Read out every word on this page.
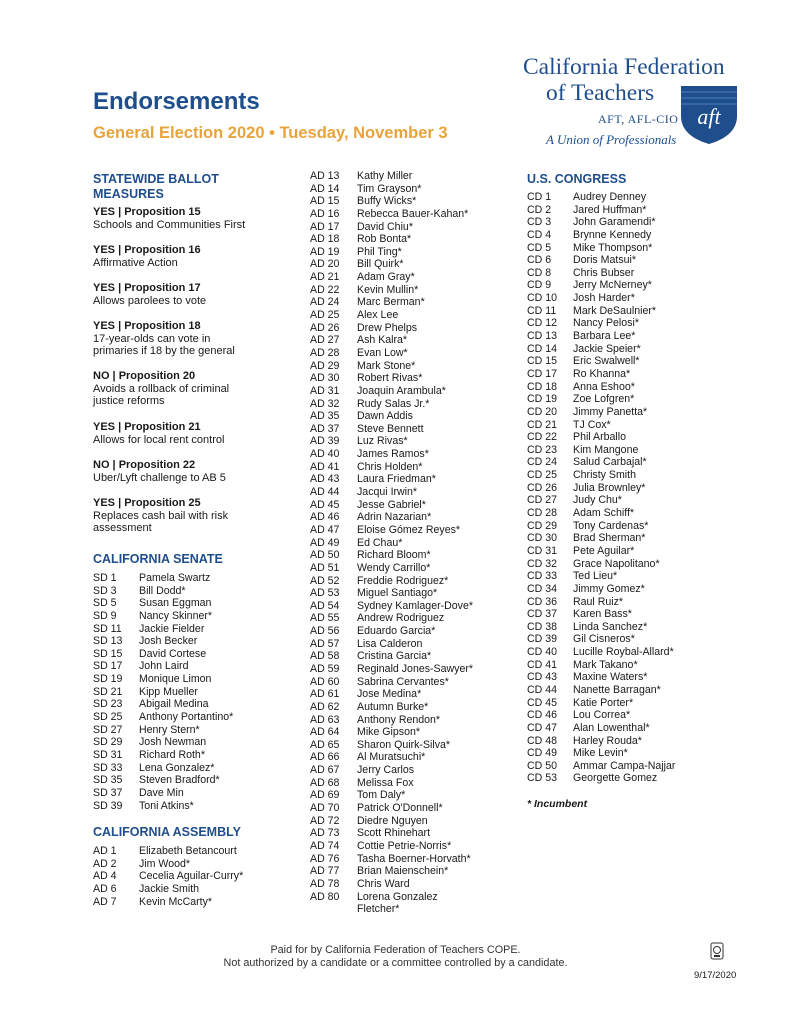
Endorsements
General Election 2020 • Tuesday, November 3
California Federation
of Teachers
AFT, AFL-CIO
A Union of Professionals
aft
STATEWIDE BALLOT
MEASURES
YES | Proposition 15
Schools and Communities First
YES | Proposition 16
Affirmative Action
YES | Proposition 17
Allows parolees to vote
YES | Proposition 18
17-year-olds can vote in
primaries if 18 by the general
NO | Proposition 20
Avoids a rollback of criminal
justice reforms
YES | Proposition 21
Allows for local rent control
NO | Proposition 22
Uber/Lyft challenge to AB 5
YES | Proposition 25
Replaces cash bail with risk
assessment
CALIFORNIA SENATE
SD 1 Pamela Swartz
SD 3 Bill Dodd*
SD 5 Susan Eggman
SD 9 Nancy Skinner*
SD 11 Jackie Fielder
SD 13 Josh Becker
SD 15 David Cortese
SD 17 John Laird
SD 19 Monique Limon
SD 21 Kipp Mueller
SD 23 Abigail Medina
SD 25 Anthony Portantino*
SD 27 Henry Stern*
SD 29 Josh Newman
SD 31 Richard Roth*
SD 33 Lena Gonzalez*
SD 35 Steven Bradford*
SD 37 Dave Min
SD 39 Toni Atkins*
CALIFORNIA ASSEMBLY
AD 1 Elizabeth Betancourt
AD 2 Jim Wood*
AD 4 Cecelia Aguilar-Curry*
AD 6 Jackie Smith
AD 7 Kevin McCarty*
AD 13 Kathy Miller
AD 14 Tim Grayson*
AD 15 Buffy Wicks*
AD 16 Rebecca Bauer-Kahan*
AD 17 David Chiu*
AD 18 Rob Bonta*
AD 19 Phil Ting*
AD 20 Bill Quirk*
AD 21 Adam Gray*
AD 22 Kevin Mullin*
AD 24 Marc Berman*
AD 25 Alex Lee
AD 26 Drew Phelps
AD 27 Ash Kalra*
AD 28 Evan Low*
AD 29 Mark Stone*
AD 30 Robert Rivas*
AD 31 Joaquin Arambula*
AD 32 Rudy Salas Jr.*
AD 35 Dawn Addis
AD 37 Steve Bennett
AD 39 Luz Rivas*
AD 40 James Ramos*
AD 41 Chris Holden*
AD 43 Laura Friedman*
AD 44 Jacqui Irwin*
AD 45 Jesse Gabriel*
AD 46 Adrin Nazarian*
AD 47 Eloise Gómez Reyes*
AD 49 Ed Chau*
AD 50 Richard Bloom*
AD 51 Wendy Carrillo*
AD 52 Freddie Rodriguez*
AD 53 Miguel Santiago*
AD 54 Sydney Kamlager-Dove*
AD 55 Andrew Rodriguez
AD 56 Eduardo Garcia*
AD 57 Lisa Calderon
AD 58 Cristina Garcia*
AD 59 Reginald Jones-Sawyer*
AD 60 Sabrina Cervantes*
AD 61 Jose Medina*
AD 62 Autumn Burke*
AD 63 Anthony Rendon*
AD 64 Mike Gipson*
AD 65 Sharon Quirk-Silva*
AD 66 Al Muratsuchi*
AD 67 Jerry Carlos
AD 68 Melissa Fox
AD 69 Tom Daly*
AD 70 Patrick O'Donnell*
AD 72 Diedre Nguyen
AD 73 Scott Rhinehart
AD 74 Cottie Petrie-Norris*
AD 76 Tasha Boerner-Horvath*
AD 77 Brian Maienschein*
AD 78 Chris Ward
AD 80 Lorena Gonzalez
Fletcher*
U.S. CONGRESS
CD 1 Audrey Denney
CD 2 Jared Huffman*
CD 3 John Garamendi*
CD 4 Brynne Kennedy
CD 5 Mike Thompson*
CD 6 Doris Matsui*
CD 8 Chris Bubser
CD 9 Jerry McNerney*
CD 10 Josh Harder*
CD 11 Mark DeSaulnier*
CD 12 Nancy Pelosi*
CD 13 Barbara Lee*
CD 14 Jackie Speier*
CD 15 Eric Swalwell*
CD 17 Ro Khanna*
CD 18 Anna Eshoo*
CD 19 Zoe Lofgren*
CD 20 Jimmy Panetta*
CD 21 TJ Cox*
CD 22 Phil Arballo
CD 23 Kim Mangone
CD 24 Salud Carbajal*
CD 25 Christy Smith
CD 26 Julia Brownley*
CD 27 Judy Chu*
CD 28 Adam Schiff*
CD 29 Tony Cardenas*
CD 30 Brad Sherman*
CD 31 Pete Aguilar*
CD 32 Grace Napolitano*
CD 33 Ted Lieu*
CD 34 Jimmy Gomez*
CD 36 Raul Ruiz*
CD 37 Karen Bass*
CD 38 Linda Sanchez*
CD 39 Gil Cisneros*
CD 40 Lucille Roybal-Allard*
CD 41 Mark Takano*
CD 43 Maxine Waters*
CD 44 Nanette Barragan*
CD 45 Katie Porter*
CD 46 Lou Correa*
CD 47 Alan Lowenthal*
CD 48 Harley Rouda*
CD 49 Mike Levin*
CD 50 Ammar Campa-Najjar
CD 53 Georgette Gomez
* Incumbent
Paid for by California Federation of Teachers COPE.
Not authorized by a candidate or a committee controlled by a candidate.
9/17/2020
